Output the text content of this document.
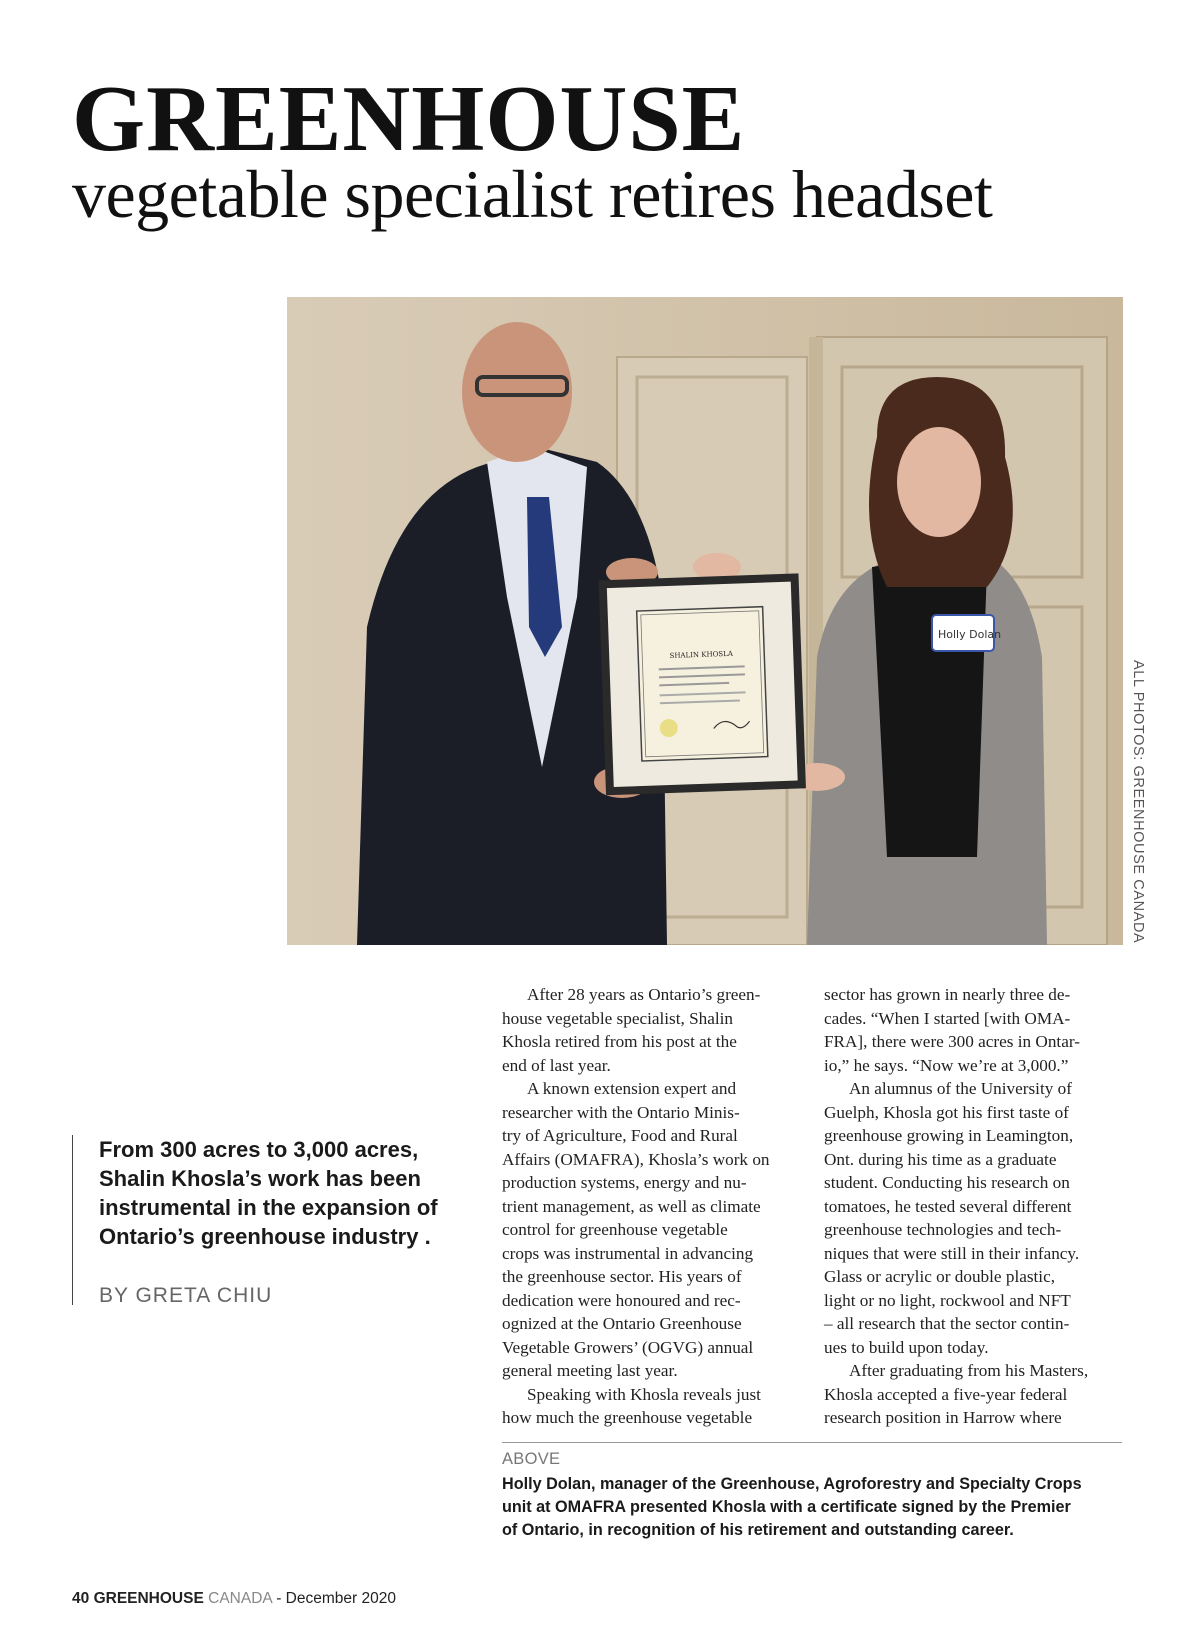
GREENHOUSE
vegetable specialist retires headset
Holly Dolan
SHALIN KHOSLA
ALL PHOTOS: GREENHOUSE CANADA
From 300 acres to 3,000 acres, Shalin Khosla’s work has been instrumental in the expansion of Ontario’s greenhouse industry .
BY GRETA CHIU

After 28 years as Ontario’s green-
house vegetable specialist, Shalin
Khosla retired from his post at the
end of last year.

A known extension expert and
researcher with the Ontario Minis-
try of Agriculture, Food and Rural
Affairs (OMAFRA), Khosla’s work on
production systems, energy and nu-
trient management, as well as climate
control for greenhouse vegetable
crops was instrumental in advancing
the greenhouse sector. His years of
dedication were honoured and rec-
ognized at the Ontario Greenhouse
Vegetable Growers’ (OGVG) annual
general meeting last year.

Speaking with Khosla reveals just
how much the greenhouse vegetable

sector has grown in nearly three de-
cades. “When I started [with OMA-
FRA], there were 300 acres in Ontar-
io,” he says. “Now we’re at 3,000.”

An alumnus of the University of
Guelph, Khosla got his first taste of
greenhouse growing in Leamington,
Ont. during his time as a graduate
student. Conducting his research on
tomatoes, he tested several different
greenhouse technologies and tech-
niques that were still in their infancy.
Glass or acrylic or double plastic,
light or no light, rockwool and NFT
– all research that the sector contin-
ues to build upon today.

After graduating from his Masters,
Khosla accepted a five-year federal
research position in Harrow where

ABOVE
Holly Dolan, manager of the Greenhouse, Agroforestry and Specialty Crops
unit at OMAFRA presented Khosla with a certificate signed by the Premier
of Ontario, in recognition of his retirement and outstanding career.
40 GREENHOUSE CANADA - December 2020
